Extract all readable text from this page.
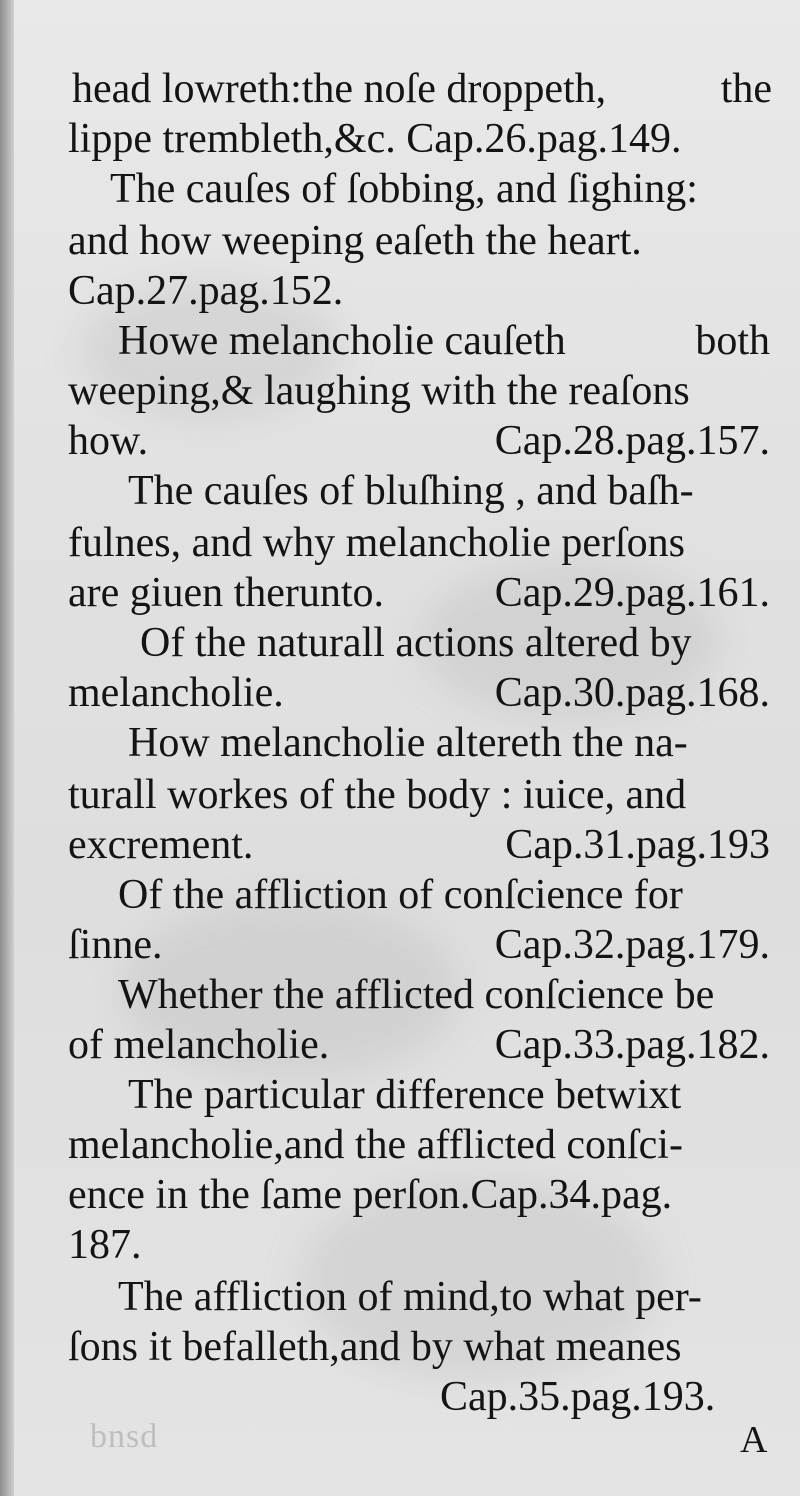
bnsd
head lowreth:the noſe droppeth,	the
lippe trembleth,&c. Cap.26.pag.149.
The cauſes of ſobbing, and ſighing:
and how weeping eaſeth the heart.
Cap.27.pag.152.
Howe melancholie cauſeth	both
weeping,& laughing with the reaſons
how.	Cap.28.pag.157.
The cauſes of bluſhing , and baſh-
fulnes, and why melancholie perſons
are giuen therunto.	Cap.29.pag.161.
Of the naturall actions altered by
melancholie.	Cap.30.pag.168.
How melancholie altereth the na-
turall workes of the body : iuice, and
excrement.	Cap.31.pag.193
Of the affliction of conſcience for
ſinne.	Cap.32.pag.179.
Whether the afflicted conſcience be
of melancholie.	Cap.33.pag.182.
The particular difference betwixt
melancholie,and the afflicted conſci-
ence in the ſame perſon.Cap.34.pag.
187.
The affliction of mind,to what per-
ſons it befalleth,and by what meanes
Cap.35.pag.193.
A
